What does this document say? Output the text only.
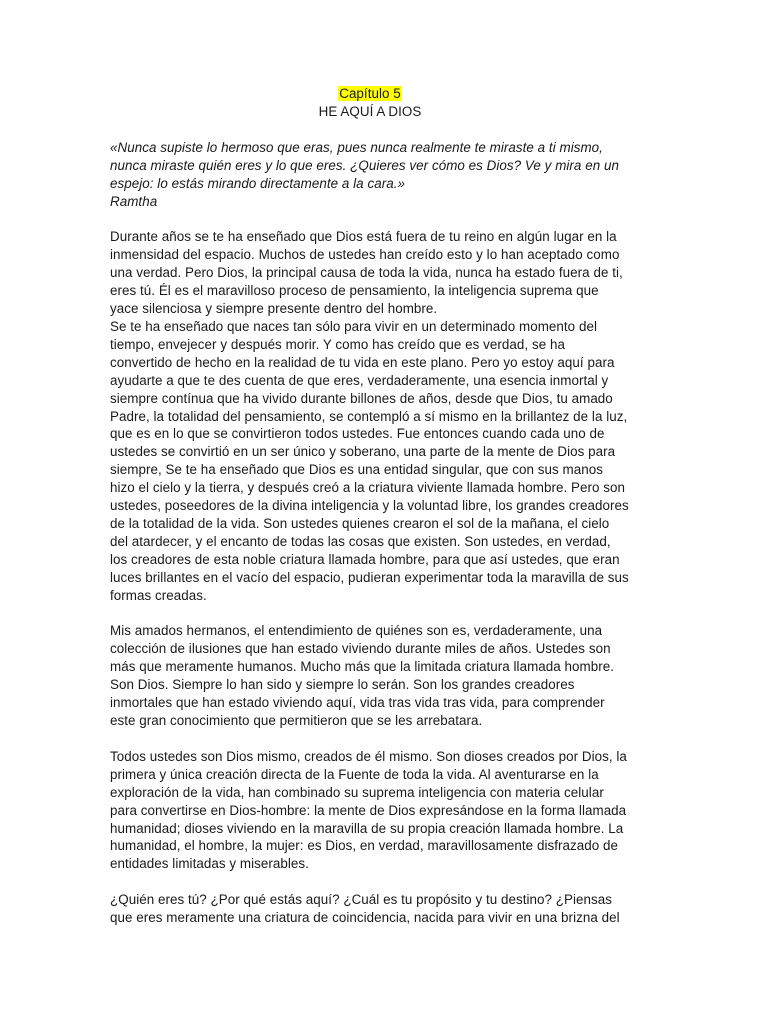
Capítulo 5

HE AQUÍ A DIOS

«Nunca supiste lo hermoso que eras, pues nunca realmente te miraste a ti mismo, nunca miraste quién eres y lo que eres. ¿Quieres ver cómo es Dios? Ve y mira en un espejo: lo estás mirando directamente a la cara.»

Ramtha

Durante años se te ha enseñado que Dios está fuera de tu reino en algún lugar en la inmensidad del espacio. Muchos de ustedes han creído esto y lo han aceptado como una verdad. Pero Dios, la principal causa de toda la vida, nunca ha estado fuera de ti, eres tú. Él es el maravilloso proceso de pensamiento, la inteligencia suprema que yace silenciosa y siempre presente dentro del hombre.

Se te ha enseñado que naces tan sólo para vivir en un determinado momento del tiempo, envejecer y después morir. Y como has creído que es verdad, se ha convertido de hecho en la realidad de tu vida en este plano. Pero yo estoy aquí para ayudarte a que te des cuenta de que eres, verdaderamente, una esencia inmortal y siempre contínua que ha vivido durante billones de años, desde que Dios, tu amado Padre, la totalidad del pensamiento, se contempló a sí mismo en la brillantez de la luz, que es en lo que se convirtieron todos ustedes. Fue entonces cuando cada uno de ustedes se convirtió en un ser único y soberano, una parte de la mente de Dios para siempre, Se te ha enseñado que Dios es una entidad singular, que con sus manos hizo el cielo y la tierra, y después creó a la criatura viviente llamada hombre. Pero son ustedes, poseedores de la divina inteligencia y la voluntad libre, los grandes creadores de la totalidad de la vida. Son ustedes quienes crearon el sol de la mañana, el cielo del atardecer, y el encanto de todas las cosas que existen. Son ustedes, en verdad, los creadores de esta noble criatura llamada hombre, para que así ustedes, que eran luces brillantes en el vacío del espacio, pudieran experimentar toda la maravilla de sus formas creadas.

Mis amados hermanos, el entendimiento de quiénes son es, verdaderamente, una colección de ilusiones que han estado viviendo durante miles de años. Ustedes son más que meramente humanos. Mucho más que la limitada criatura llamada hombre. Son Dios. Siempre lo han sido y siempre lo serán. Son los grandes creadores inmortales que han estado viviendo aquí, vida tras vida tras vida, para comprender este gran conocimiento que permitieron que se les arrebatara.

Todos ustedes son Dios mismo, creados de él mismo. Son dioses creados por Dios, la primera y única creación directa de la Fuente de toda la vida. Al aventurarse en la exploración de la vida, han combinado su suprema inteligencia con materia celular para convertirse en Dios-hombre: la mente de Dios expresándose en la forma llamada humanidad; dioses viviendo en la maravilla de su propia creación llamada hombre. La humanidad, el hombre, la mujer: es Dios, en verdad, maravillosamente disfrazado de entidades limitadas y miserables.

¿Quién eres tú? ¿Por qué estás aquí? ¿Cuál es tu propósito y tu destino? ¿Piensas que eres meramente una criatura de coincidencia, nacida para vivir en una brizna del
